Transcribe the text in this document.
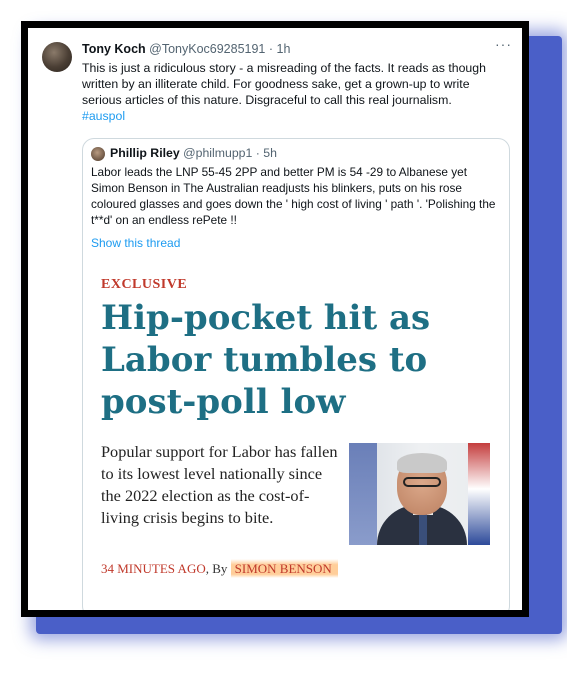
Tony Koch @TonyKoc69285191 · 1h	···
This is just a ridiculous story - a misreading of the facts. It reads as though written by an illiterate child. For goodness sake, get a grown-up to write serious articles of this nature. Disgraceful to call this real journalism.
#auspol
Phillip Riley @philmupp1 · 5h
Labor leads the LNP 55-45 2PP and better PM is 54 -29 to Albanese yet Simon Benson in The Australian readjusts his blinkers, puts on his rose coloured glasses and goes down the ' high cost of living ' path '. 'Polishing the t**d' on an endless rePete !!
Show this thread
EXCLUSIVE
Hip-pocket hit as Labor tumbles to post-poll low
Popular support for Labor has fallen to its lowest level nationally since the 2022 election as the cost-of-living crisis begins to bite.
34 MINUTES AGO, By SIMON BENSON
